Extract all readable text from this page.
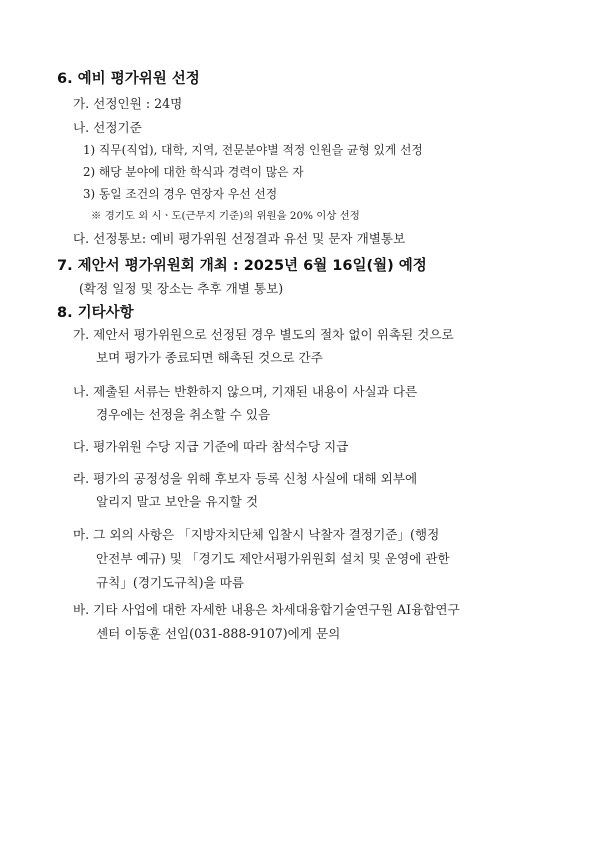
6. 예비 평가위원 선정
가. 선정인원 : 24명
나. 선정기준
1) 직무(직업), 대학, 지역, 전문분야별 적정 인원을 균형 있게 선정
2) 해당 분야에 대한 학식과 경력이 많은 자
3) 동일 조건의 경우 연장자 우선 선정
※ 경기도 외 시ㆍ도(근무지 기준)의 위원을 20% 이상 선정
다. 선정통보: 예비 평가위원 선정결과 유선 및 문자 개별통보
7. 제안서 평가위원회 개최 : 2025년 6월 16일(월) 예정
(확정 일정 및 장소는 추후 개별 통보)
8. 기타사항
가. 제안서 평가위원으로 선정된 경우 별도의 절차 없이 위촉된 것으로
보며 평가가 종료되면 해촉된 것으로 간주
나. 제출된 서류는 반환하지 않으며, 기재된 내용이 사실과 다른
경우에는 선정을 취소할 수 있음
다. 평가위원 수당 지급 기준에 따라 참석수당 지급
라. 평가의 공정성을 위해 후보자 등록 신청 사실에 대해 외부에
알리지 말고 보안을 유지할 것
마. 그 외의 사항은 「지방자치단체 입찰시 낙찰자 결정기준」(행정
안전부 예규) 및 「경기도 제안서평가위원회 설치 및 운영에 관한
규칙」(경기도규칙)을 따름
바. 기타 사업에 대한 자세한 내용은 차세대융합기술연구원 AI융합연구
센터 이동훈 선임(031-888-9107)에게 문의
